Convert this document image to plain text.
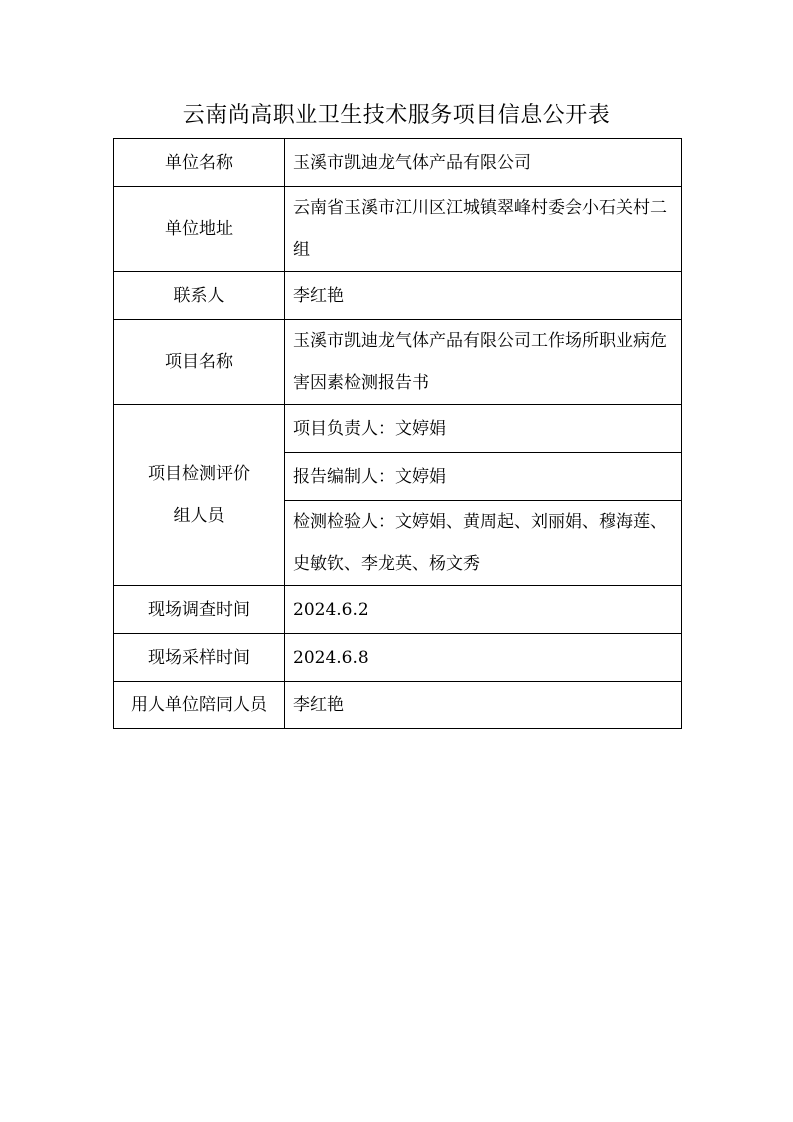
云南尚高职业卫生技术服务项目信息公开表
单位名称	玉溪市凯迪龙气体产品有限公司
单位地址	云南省玉溪市江川区江城镇翠峰村委会小石关村二组
联系人	李红艳
项目名称	玉溪市凯迪龙气体产品有限公司工作场所职业病危害因素检测报告书
项目检测评价组人员	项目负责人：文婷娟
	报告编制人：文婷娟
	检测检验人：文婷娟、黄周起、刘丽娟、穆海莲、史敏钦、李龙英、杨文秀
现场调查时间	2024.6.2
现场采样时间	2024.6.8
用人单位陪同人员	李红艳
